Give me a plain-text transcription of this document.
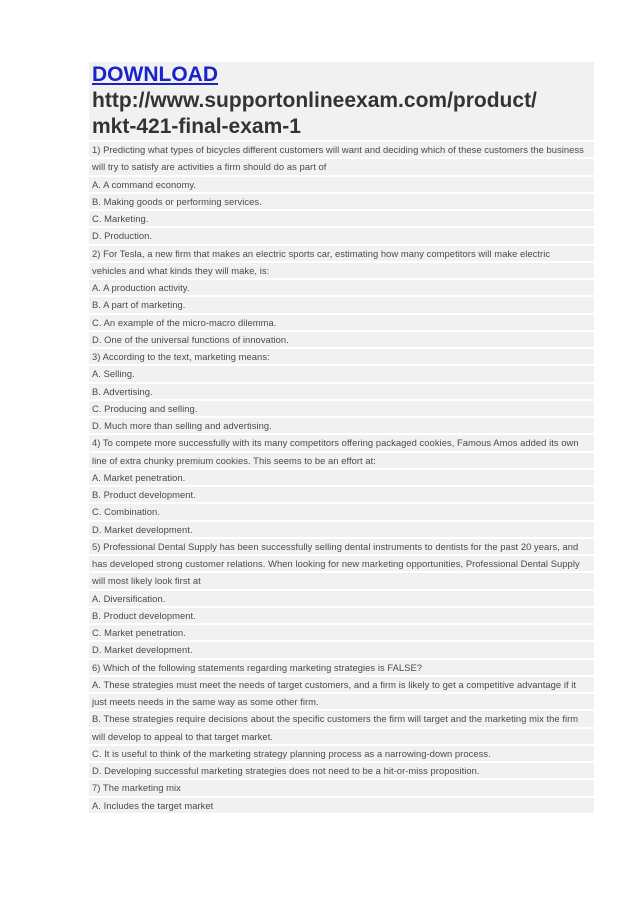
DOWNLOAD
http://www.supportonlineexam.com/product/
mkt-421-final-exam-1
1) Predicting what types of bicycles different customers will want and deciding which of these customers the business
will try to satisfy are activities a firm should do as part of
A. A command economy.
B. Making goods or performing services.
C. Marketing.
D. Production.
2) For Tesla, a new firm that makes an electric sports car, estimating how many competitors will make electric
vehicles and what kinds they will make, is:
A. A production activity.
B. A part of marketing.
C. An example of the micro-macro dilemma.
D. One of the universal functions of innovation.
3) According to the text, marketing means:
A. Selling.
B. Advertising.
C. Producing and selling.
D. Much more than selling and advertising.
4) To compete more successfully with its many competitors offering packaged cookies, Famous Amos added its own
line of extra chunky premium cookies. This seems to be an effort at:
A. Market penetration.
B. Product development.
C. Combination.
D. Market development.
5) Professional Dental Supply has been successfully selling dental instruments to dentists for the past 20 years, and
has developed strong customer relations. When looking for new marketing opportunities, Professional Dental Supply
will most likely look first at
A. Diversification.
B. Product development.
C. Market penetration.
D. Market development.
6) Which of the following statements regarding marketing strategies is FALSE?
A. These strategies must meet the needs of target customers, and a firm is likely to get a competitive advantage if it
just meets needs in the same way as some other firm.
B. These strategies require decisions about the specific customers the firm will target and the marketing mix the firm
will develop to appeal to that target market.
C. It is useful to think of the marketing strategy planning process as a narrowing-down process.
D. Developing successful marketing strategies does not need to be a hit-or-miss proposition.
7) The marketing mix
A. Includes the target market
